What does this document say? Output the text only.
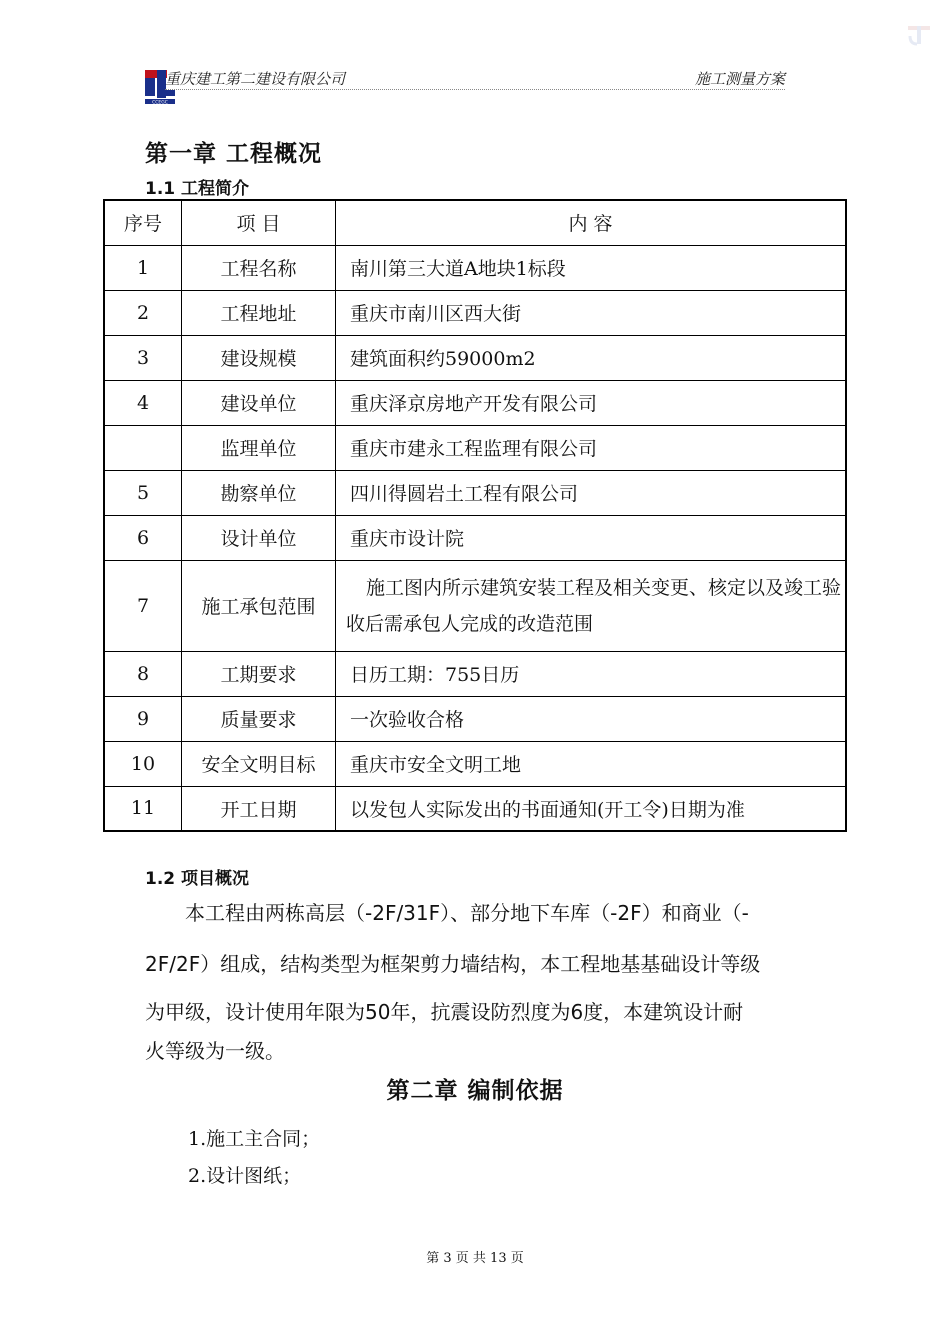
CCEGC
重庆建工第二建设有限公司	施工测量方案
第一章 工程概况
1.1 工程简介
序号	项 目	内 容
1	工程名称	南川第三大道A地块1标段
2	工程地址	重庆市南川区西大街
3	建设规模	建筑面积约59000m2
4	建设单位	重庆泽京房地产开发有限公司
	监理单位	重庆市建永工程监理有限公司
5	勘察单位	四川得圆岩土工程有限公司
6	设计单位	重庆市设计院
7	施工承包范围	施工图内所示建筑安装工程及相关变更、核定以及竣工验收后需承包人完成的改造范围
8	工期要求	日历工期：755日历
9	质量要求	一次验收合格
10	安全文明目标	重庆市安全文明工地
11	开工日期	以发包人实际发出的书面通知(开工令)日期为准
1.2 项目概况
本工程由两栋高层（-2F/31F）、部分地下车库（-2F）和商业（-
2F/2F）组成，结构类型为框架剪力墙结构，本工程地基基础设计等级
为甲级，设计使用年限为50年，抗震设防烈度为6度，本建筑设计耐
火等级为一级。
第二章 编制依据
1.施工主合同；
2.设计图纸；
第 3 页 共 13 页
